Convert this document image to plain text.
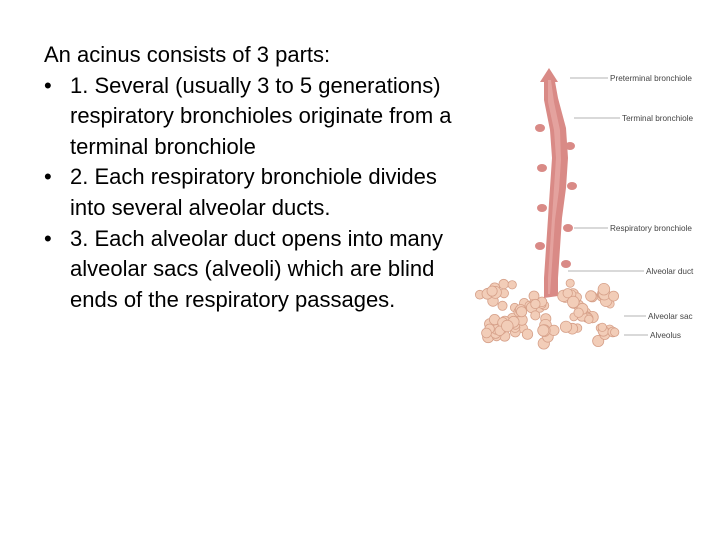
An acinus consists of 3 parts:

• 1. Several (usually 3 to 5 generations) respiratory bronchioles originate from a terminal bronchiole
• 2. Each respiratory bronchiole divides into several alveolar ducts.
• 3. Each alveolar duct opens into many alveolar sacs (alveoli) which are blind ends of the respiratory passages.
Preterminal bronchiole
Terminal bronchiole
Respiratory bronchiole
Alveolar duct
Alveolar sac
Alveolus
